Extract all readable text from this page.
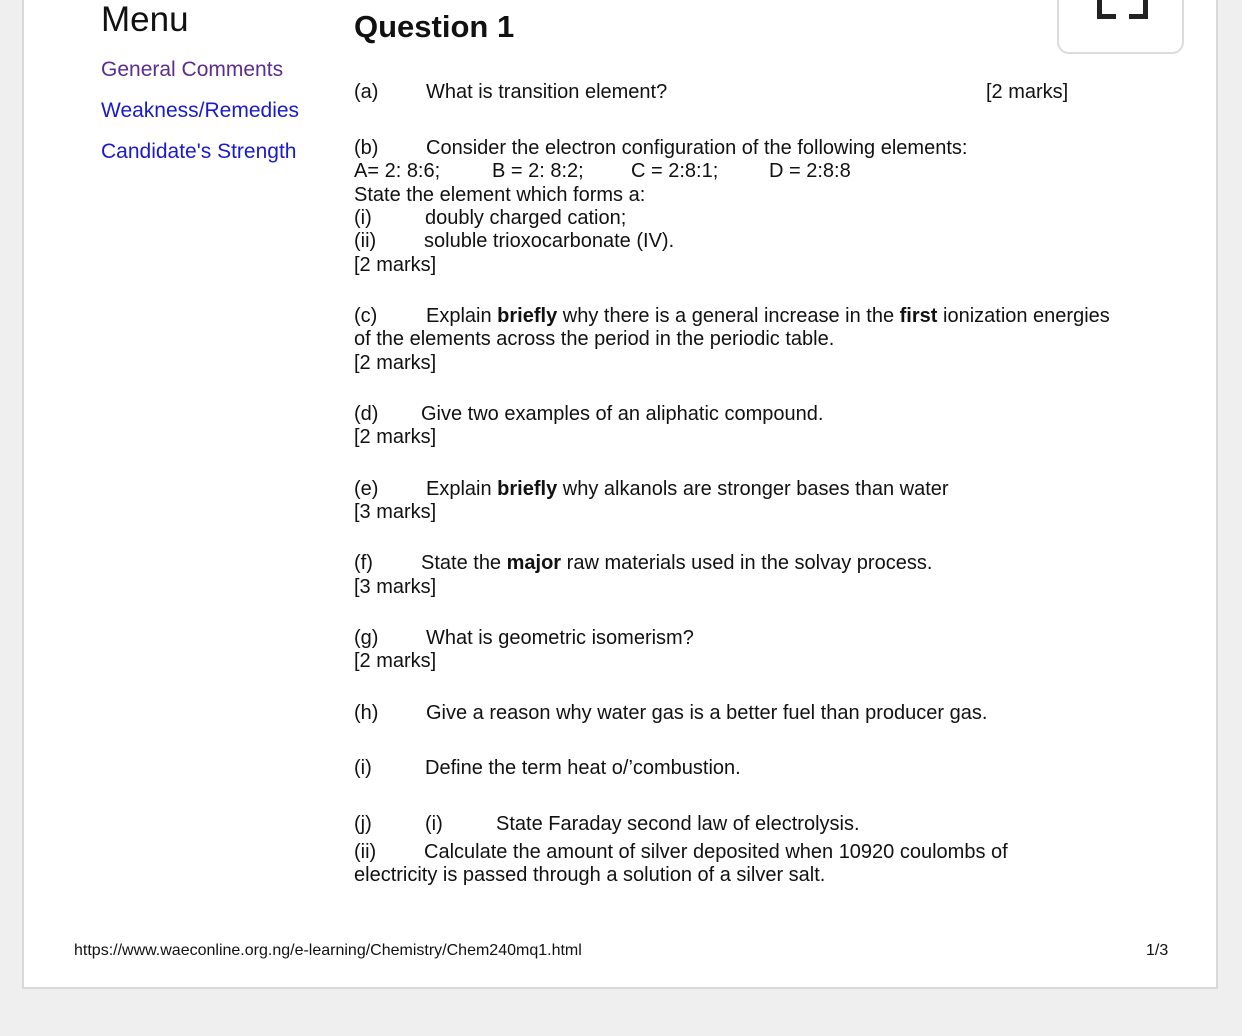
Menu
General Comments
Weakness/Remedies
Candidate's Strength
Question 1
(a) What is transition element?	[2 marks]
(b) Consider the electron configuration of the following elements:
A= 2: 8:6;	B = 2: 8:2; C = 2:8:1;	D = 2:8:8
State the element which forms a:
(i)	doubly charged cation;
(ii) soluble trioxocarbonate (IV).
[2 marks]
(c) Explain briefly why there is a general increase in the first ionization energies
of the elements across the period in the periodic table.
[2 marks]
(d) Give two examples of an aliphatic compound.
[2 marks]
(e) Explain briefly why alkanols are stronger bases than water
[3 marks]
(f) State the major raw materials used in the solvay process.
[3 marks]
(g) What is geometric isomerism?
[2 marks]
(h) Give a reason why water gas is a better fuel than producer gas.
(i)	Define the term heat o/’combustion.
(j)	(i)	State Faraday second law of electrolysis.
(ii) Calculate the amount of silver deposited when 10920 coulombs of
electricity is passed through a solution of a silver salt.
https://www.waeconline.org.ng/e-learning/Chemistry/Chem240mq1.html	1/3
